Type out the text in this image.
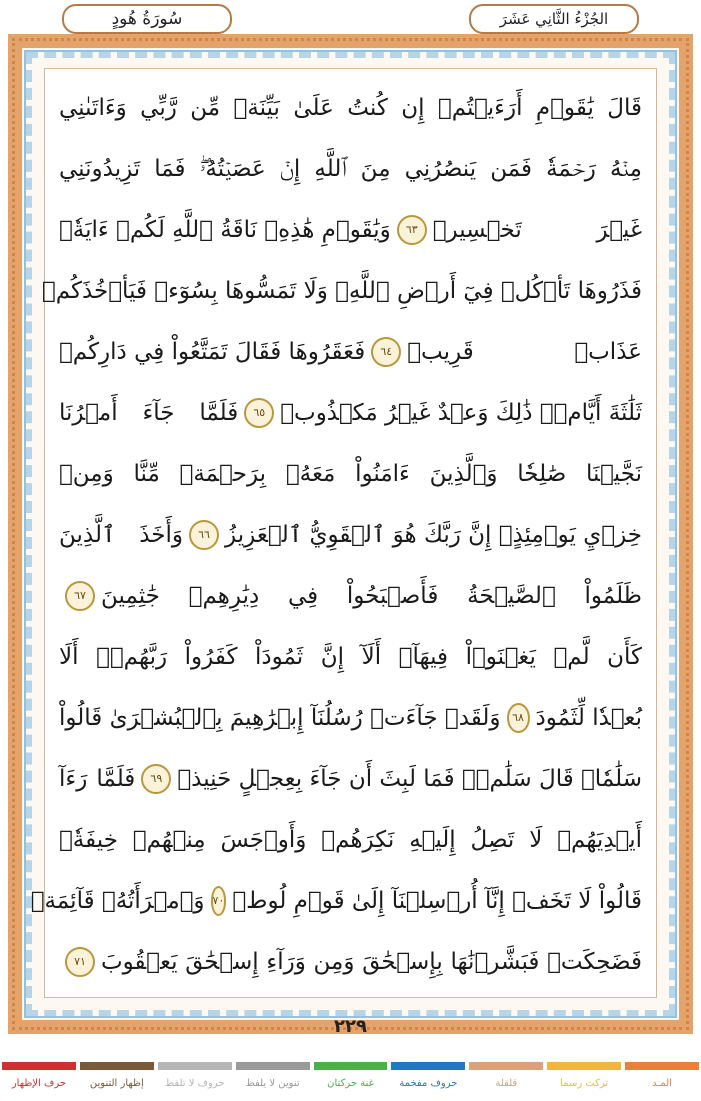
سُورَةُ هُودٍ	الجُزْءُ الثَّانِي عَشَرَ
قَالَ يَٰقَوۡمِ أَرَءَيۡتُمۡ إِن كُنتُ عَلَىٰ بَيِّنَةٖ مِّن رَّبِّي وَءَاتَىٰنِي
مِنۡهُ رَحۡمَةٗ فَمَن يَنصُرُنِي مِنَ ٱللَّهِ إِنۡ عَصَيۡتُهُۥۖ فَمَا تَزِيدُونَنِي
غَيۡرَ تَخۡسِيرٖ
٦٣
وَيَٰقَوۡمِ هَٰذِهِۦ نَاقَةُ ٱللَّهِ لَكُمۡ ءَايَةٗۖ
فَذَرُوهَا تَأۡكُلۡ فِيٓ أَرۡضِ ٱللَّهِۖ وَلَا تَمَسُّوهَا بِسُوٓءٖ فَيَأۡخُذَكُمۡ
عَذَابٞ قَرِيبٞ
٦٤
فَعَقَرُوهَا فَقَالَ تَمَتَّعُواْ فِي دَارِكُمۡ
ثَلَٰثَةَ أَيَّامٖۖ ذَٰلِكَ وَعۡدٌ غَيۡرُ مَكۡذُوبٖ
٦٥
فَلَمَّا جَآءَ أَمۡرُنَا
نَجَّيۡنَا صَٰلِحٗا وَٱلَّذِينَ ءَامَنُواْ مَعَهُۥ بِرَحۡمَةٖ مِّنَّا وَمِنۡ
خِزۡيِ يَوۡمِئِذٍۚ إِنَّ رَبَّكَ هُوَ ٱلۡقَوِيُّ ٱلۡعَزِيزُ
٦٦
وَأَخَذَ ٱلَّذِينَ
ظَلَمُواْ ٱلصَّيۡحَةُ فَأَصۡبَحُواْ فِي دِيَٰرِهِمۡ جَٰثِمِينَ
٦٧
كَأَن لَّمۡ يَغۡنَوۡاْ فِيهَآۗ أَلَآ إِنَّ ثَمُودَاْ كَفَرُواْ رَبَّهُمۡۗ أَلَا
بُعۡدٗا لِّثَمُودَ
٦٨
وَلَقَدۡ جَآءَتۡ رُسُلُنَآ إِبۡرَٰهِيمَ بِٱلۡبُشۡرَىٰ قَالُواْ
سَلَٰمٗاۖ قَالَ سَلَٰمٞۖ فَمَا لَبِثَ أَن جَآءَ بِعِجۡلٍ حَنِيذٖ
٦٩
فَلَمَّا رَءَآ
أَيۡدِيَهُمۡ لَا تَصِلُ إِلَيۡهِ نَكِرَهُمۡ وَأَوۡجَسَ مِنۡهُمۡ خِيفَةٗۚ
قَالُواْ لَا تَخَفۡ إِنَّآ أُرۡسِلۡنَآ إِلَىٰ قَوۡمِ لُوطٖ
٧٠
وَٱمۡرَأَتُهُۥ قَآئِمَةٞ
فَضَحِكَتۡ فَبَشَّرۡنَٰهَا بِإِسۡحَٰقَ وَمِن وَرَآءِ إِسۡحَٰقَ يَعۡقُوبَ
٧١
٢٢٩
المـد
تركت رسما
قلقلة
حروف مفخمة
غنة حركتان
تنوين لا يلفظ
حروف لا تلفظ
إظهار التنوين
حرف الإظهار
